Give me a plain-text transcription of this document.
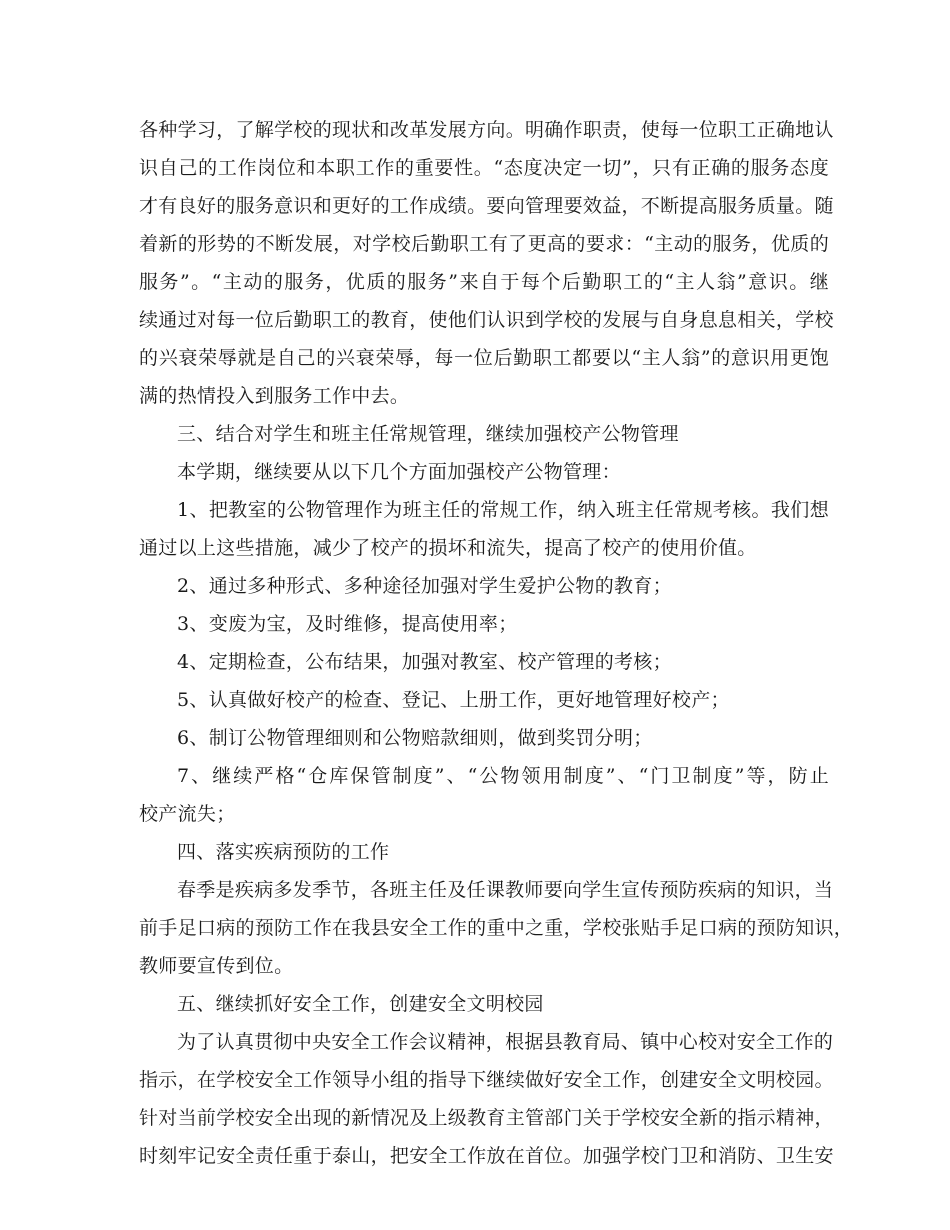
各种学习，了解学校的现状和改革发展方向。明确作职责，使每一位职工正确地认
识自己的工作岗位和本职工作的重要性。“态度决定一切”，只有正确的服务态度
才有良好的服务意识和更好的工作成绩。要向管理要效益，不断提高服务质量。随
着新的形势的不断发展，对学校后勤职工有了更高的要求：“主动的服务，优质的
服务”。“主动的服务，优质的服务”来自于每个后勤职工的“主人翁”意识。继
续通过对每一位后勤职工的教育，使他们认识到学校的发展与自身息息相关，学校
的兴衰荣辱就是自己的兴衰荣辱，每一位后勤职工都要以“主人翁”的意识用更饱
满的热情投入到服务工作中去。
三、结合对学生和班主任常规管理，继续加强校产公物管理
本学期，继续要从以下几个方面加强校产公物管理：
1、把教室的公物管理作为班主任的常规工作，纳入班主任常规考核。我们想
通过以上这些措施，减少了校产的损坏和流失，提高了校产的使用价值。
2、通过多种形式、多种途径加强对学生爱护公物的教育；
3、变废为宝，及时维修，提高使用率；
4、定期检查，公布结果，加强对教室、校产管理的考核；
5、认真做好校产的检查、登记、上册工作，更好地管理好校产；
6、制订公物管理细则和公物赔款细则，做到奖罚分明；
7、继续严格“仓库保管制度”、“公物领用制度”、“门卫制度”等，防止
校产流失；
四、落实疾病预防的工作
春季是疾病多发季节，各班主任及任课教师要向学生宣传预防疾病的知识，当
前手足口病的预防工作在我县安全工作的重中之重，学校张贴手足口病的预防知识，
教师要宣传到位。
五、继续抓好安全工作，创建安全文明校园
为了认真贯彻中央安全工作会议精神，根据县教育局、镇中心校对安全工作的
指示，在学校安全工作领导小组的指导下继续做好安全工作，创建安全文明校园。
针对当前学校安全出现的新情况及上级教育主管部门关于学校安全新的指示精神，
时刻牢记安全责任重于泰山，把安全工作放在首位。加强学校门卫和消防、卫生安
